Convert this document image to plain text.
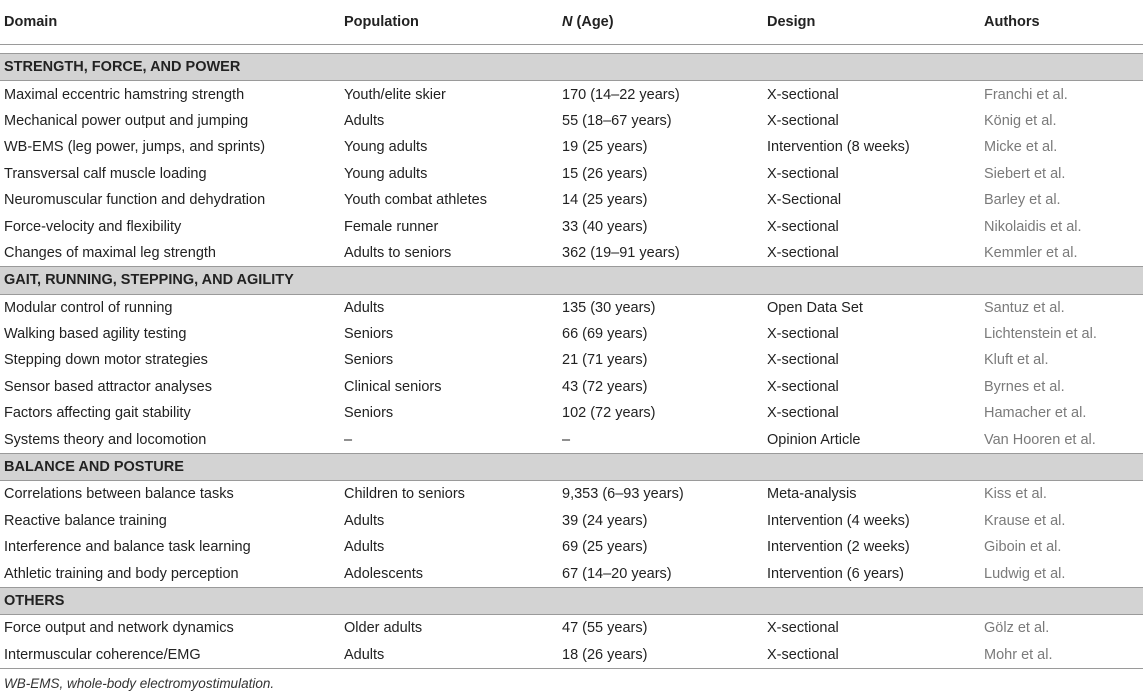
Domain	Population	N (Age)	Design	Authors

STRENGTH, FORCE, AND POWER				
Maximal eccentric hamstring strength	Youth/elite skier	170 (14–22 years)	X-sectional	Franchi et al.
Mechanical power output and jumping	Adults	55 (18–67 years)	X-sectional	König et al.
WB-EMS (leg power, jumps, and sprints)	Young adults	19 (25 years)	Intervention (8 weeks)	Micke et al.
Transversal calf muscle loading	Young adults	15 (26 years)	X-sectional	Siebert et al.
Neuromuscular function and dehydration	Youth combat athletes	14 (25 years)	X-Sectional	Barley et al.
Force-velocity and flexibility	Female runner	33 (40 years)	X-sectional	Nikolaidis et al.
Changes of maximal leg strength	Adults to seniors	362 (19–91 years)	X-sectional	Kemmler et al.
GAIT, RUNNING, STEPPING, AND AGILITY				
Modular control of running	Adults	135 (30 years)	Open Data Set	Santuz et al.
Walking based agility testing	Seniors	66 (69 years)	X-sectional	Lichtenstein et al.
Stepping down motor strategies	Seniors	21 (71 years)	X-sectional	Kluft et al.
Sensor based attractor analyses	Clinical seniors	43 (72 years)	X-sectional	Byrnes et al.
Factors affecting gait stability	Seniors	102 (72 years)	X-sectional	Hamacher et al.
Systems theory and locomotion	–	–	Opinion Article	Van Hooren et al.
BALANCE AND POSTURE				
Correlations between balance tasks	Children to seniors	9,353 (6–93 years)	Meta-analysis	Kiss et al.
Reactive balance training	Adults	39 (24 years)	Intervention (4 weeks)	Krause et al.
Interference and balance task learning	Adults	69 (25 years)	Intervention (2 weeks)	Giboin et al.
Athletic training and body perception	Adolescents	67 (14–20 years)	Intervention (6 years)	Ludwig et al.
OTHERS				
Force output and network dynamics	Older adults	47 (55 years)	X-sectional	Gölz et al.
Intermuscular coherence/EMG	Adults	18 (26 years)	X-sectional	Mohr et al.
WB-EMS, whole-body electromyostimulation.
